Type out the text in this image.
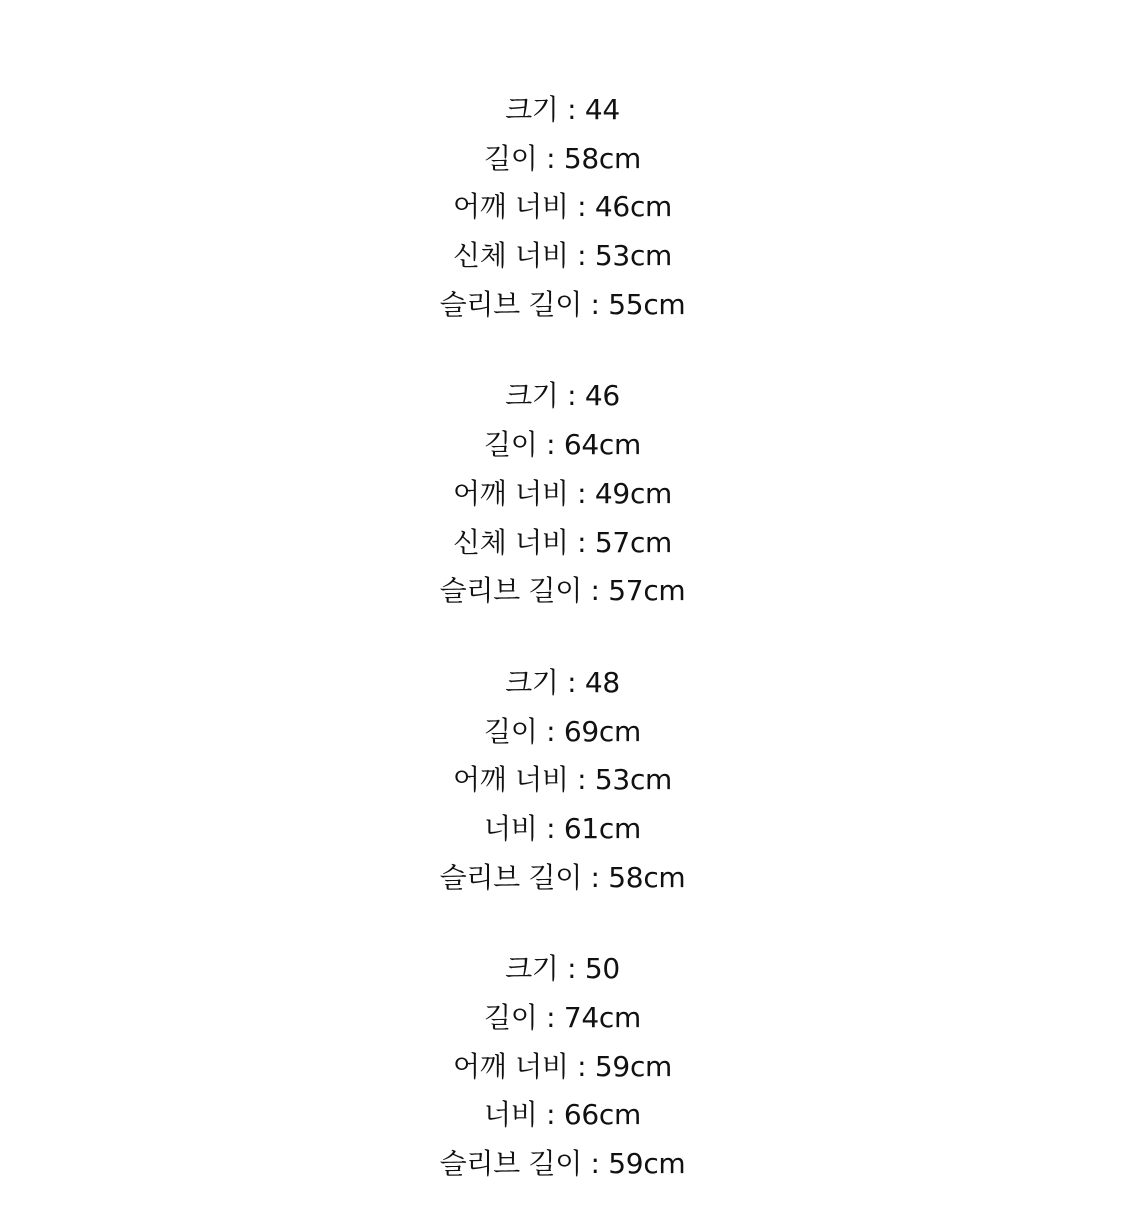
크기 : 44
길이 : 58cm
어깨 너비 : 46cm
신체 너비 : 53cm
슬리브 길이 : 55cm
크기 : 46
길이 : 64cm
어깨 너비 : 49cm
신체 너비 : 57cm
슬리브 길이 : 57cm
크기 : 48
길이 : 69cm
어깨 너비 : 53cm
너비 : 61cm
슬리브 길이 : 58cm
크기 : 50
길이 : 74cm
어깨 너비 : 59cm
너비 : 66cm
슬리브 길이 : 59cm
